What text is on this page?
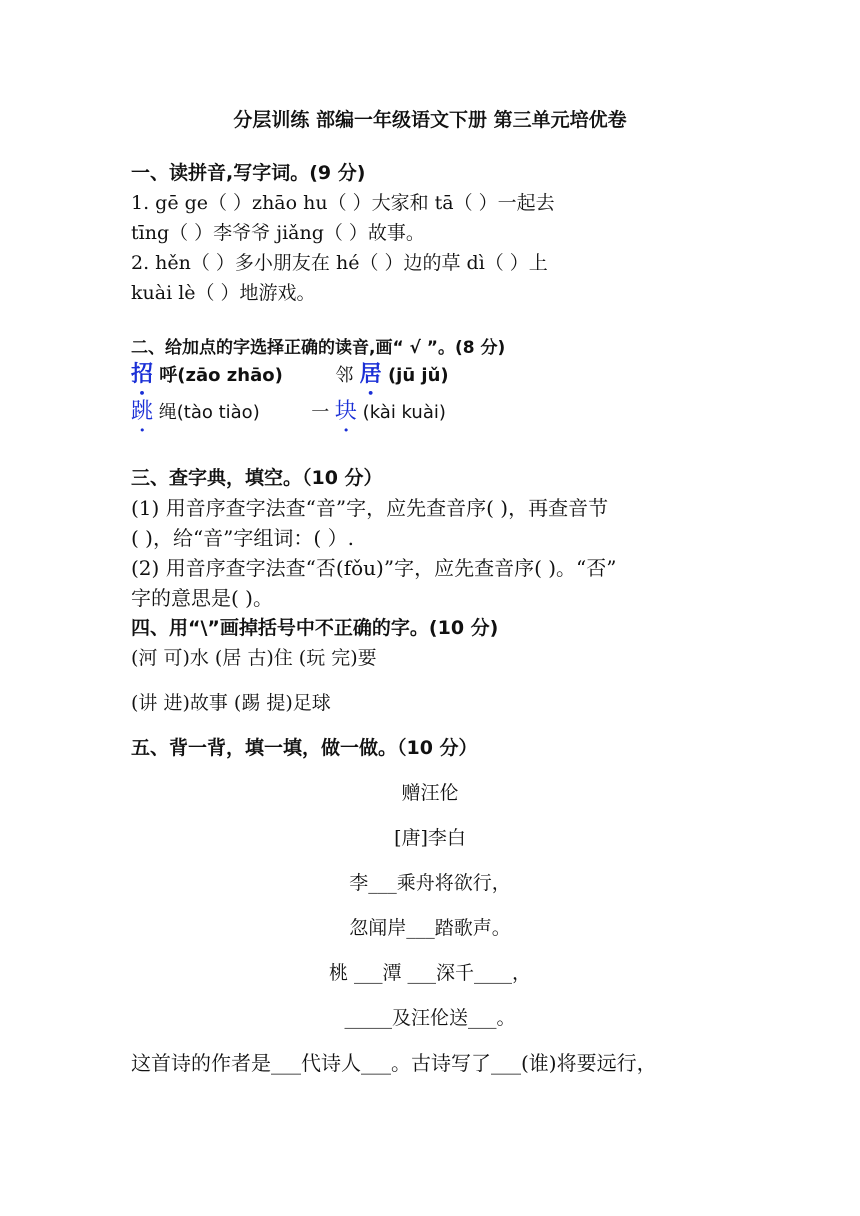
分层训练 部编一年级语文下册 第三单元培优卷
一、读拼音,写字词。(9 分)
1. gē ge（ ）zhāo hu（ ）大家和 tā（ ）一起去
tīng（ ）李爷爷 jiǎng（ ）故事。
2. hěn（ ）多小朋友在 hé（ ）边的草 dì（ ）上
kuài lè（ ）地游戏。
二、给加点的字选择正确的读音,画“ √ ”。(8 分)
招 呼(zāo zhāo)	邻 居 (jū jǔ)
跳 绳(tào tiào)	一 块 (kài kuài)
三、查字典，填空。（10 分）
(1) 用音序查字法查“音”字，应先查音序( )，再查音节
( )，给“音”字组词：( ）.
(2) 用音序查字法查“否(fǒu)”字，应先查音序( )。“否”
字的意思是( )。
四、用“\”画掉括号中不正确的字。(10 分)
(河 可)水 (居 古)住 (玩 完)要
(讲 进)故事 (踢 提)足球
五、背一背，填一填，做一做。（10 分）
赠汪伦
[唐]李白
李___乘舟将欲行，
忽闻岸___踏歌声。
桃 ___潭 ___深千____，
_____及汪伦送___。
这首诗的作者是___代诗人___。古诗写了___(谁)将要远行，
